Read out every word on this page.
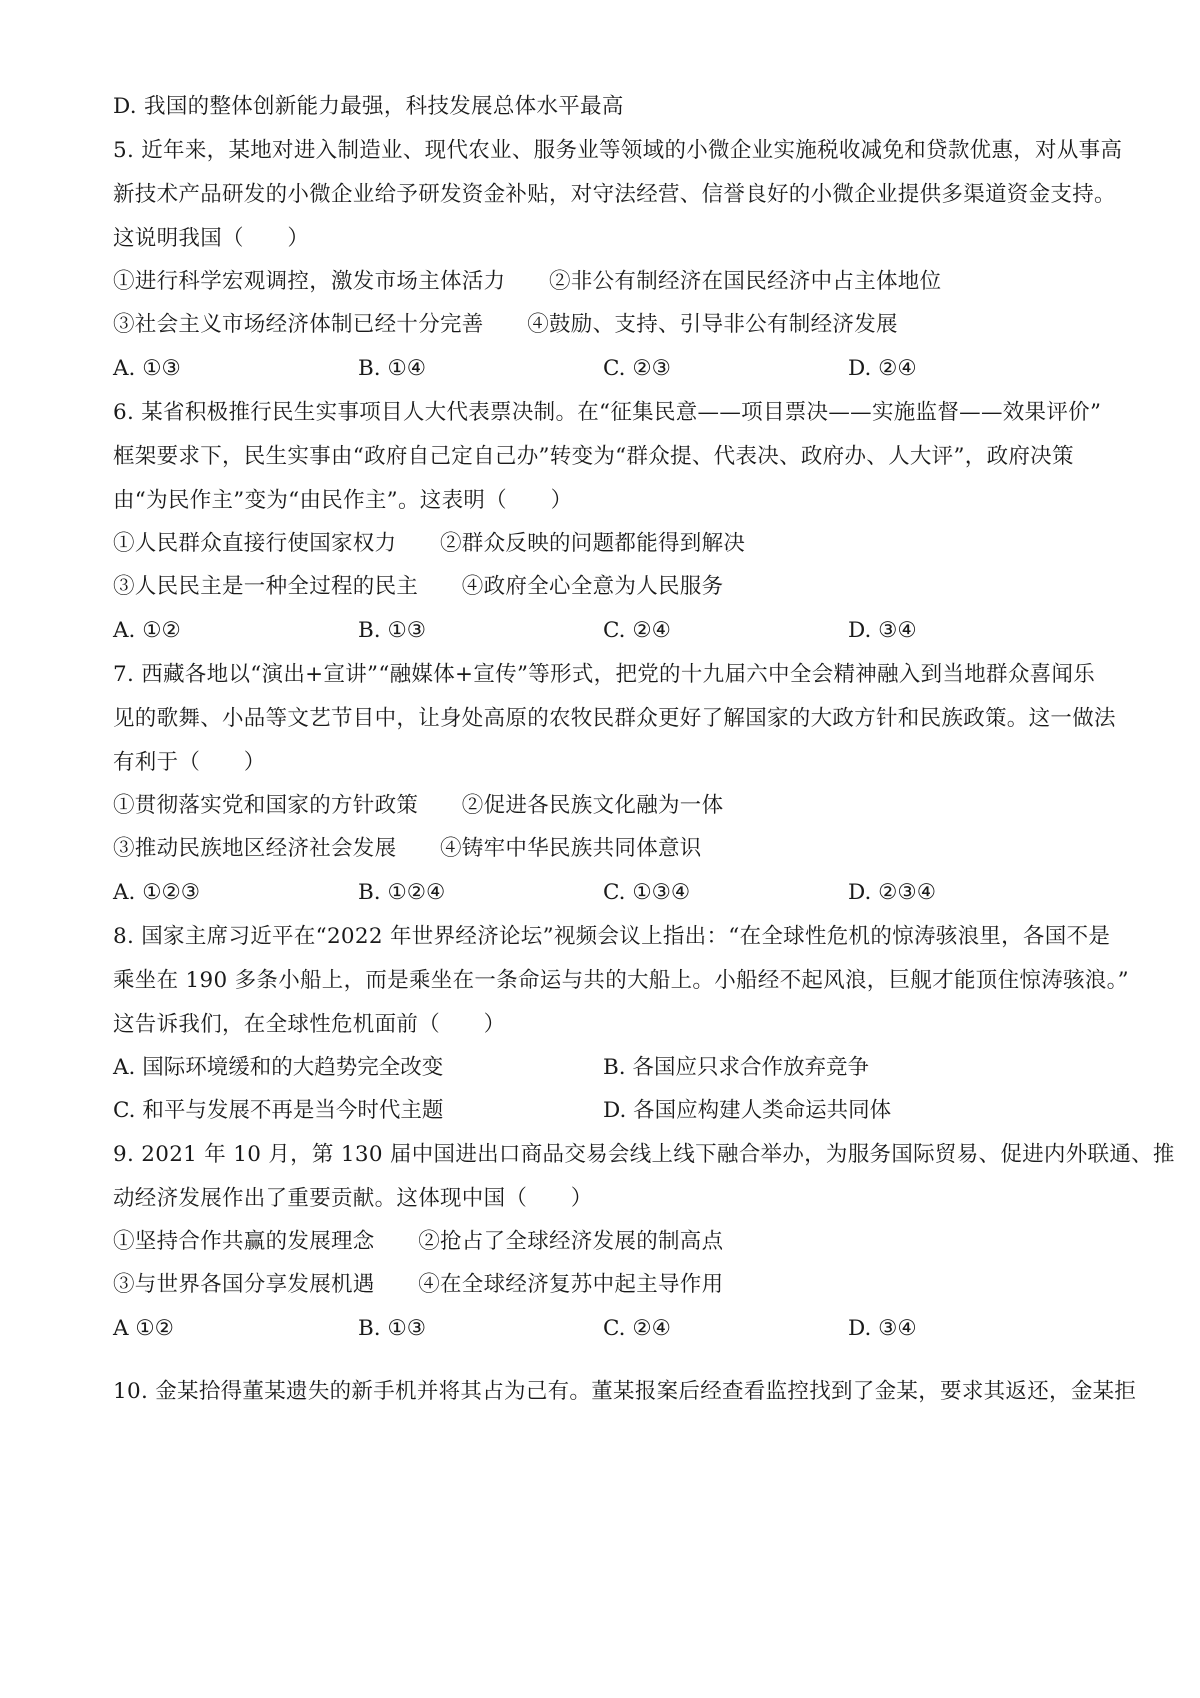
D. 我国的整体创新能力最强，科技发展总体水平最高
5. 近年来，某地对进入制造业、现代农业、服务业等领域的小微企业实施税收减免和贷款优惠，对从事高
新技术产品研发的小微企业给予研发资金补贴，对守法经营、信誉良好的小微企业提供多渠道资金支持。
这说明我国（　　）
①进行科学宏观调控，激发市场主体活力　　②非公有制经济在国民经济中占主体地位
③社会主义市场经济体制已经十分完善　　④鼓励、支持、引导非公有制经济发展
A. ①③	B. ①④	C. ②③	D. ②④
6. 某省积极推行民生实事项目人大代表票决制。在“征集民意——项目票决——实施监督——效果评价”
框架要求下，民生实事由“政府自己定自己办”转变为“群众提、代表决、政府办、人大评”，政府决策
由“为民作主”变为“由民作主”。这表明（　　）
①人民群众直接行使国家权力　　②群众反映的问题都能得到解决
③人民民主是一种全过程的民主　　④政府全心全意为人民服务
A. ①②	B. ①③	C. ②④	D. ③④
7. 西藏各地以“演出+宣讲”“融媒体+宣传”等形式，把党的十九届六中全会精神融入到当地群众喜闻乐
见的歌舞、小品等文艺节目中，让身处高原的农牧民群众更好了解国家的大政方针和民族政策。这一做法
有利于（　　）
①贯彻落实党和国家的方针政策　　②促进各民族文化融为一体
③推动民族地区经济社会发展　　④铸牢中华民族共同体意识
A. ①②③	B. ①②④	C. ①③④	D. ②③④
8. 国家主席习近平在“2022 年世界经济论坛”视频会议上指出：“在全球性危机的惊涛骇浪里，各国不是
乘坐在 190 多条小船上，而是乘坐在一条命运与共的大船上。小船经不起风浪，巨舰才能顶住惊涛骇浪。”
这告诉我们，在全球性危机面前（　　）
A. 国际环境缓和的大趋势完全改变	B. 各国应只求合作放弃竞争
C. 和平与发展不再是当今时代主题	D. 各国应构建人类命运共同体
9. 2021 年 10 月，第 130 届中国进出口商品交易会线上线下融合举办，为服务国际贸易、促进内外联通、推
动经济发展作出了重要贡献。这体现中国（　　）
①坚持合作共赢的发展理念　　②抢占了全球经济发展的制高点
③与世界各国分享发展机遇　　④在全球经济复苏中起主导作用
A ①②	B. ①③	C. ②④	D. ③④
10. 金某拾得董某遗失的新手机并将其占为己有。董某报案后经查看监控找到了金某，要求其返还，金某拒
